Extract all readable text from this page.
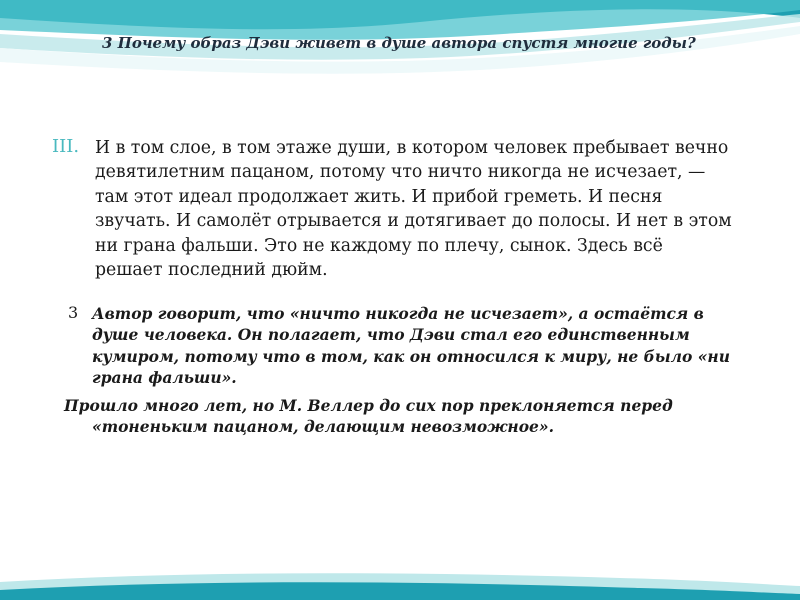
3 Почему образ Дэви живет в душе автора спустя многие годы?
III. И в том слое, в том этаже души, в котором человек пребывает вечно девятилетним пацаном, потому что ничто никогда не исчезает, — там этот идеал продолжает жить. И прибой греметь. И песня звучать. И самолёт отрывается и дотягивает до полосы. И нет в этом ни грана фальши. Это не каждому по плечу, сынок. Здесь всё решает последний дюйм.

3 Автор говорит, что «ничто никогда не исчезает», а остаётся в душе человека. Он полагает, что Дэви стал его единственным кумиром, потому что в том, как он относился к миру, не было «ни грана фальши».

Прошло много лет, но М. Веллер до сих пор преклоняется перед «тоненьким пацаном, делающим невозможное».
